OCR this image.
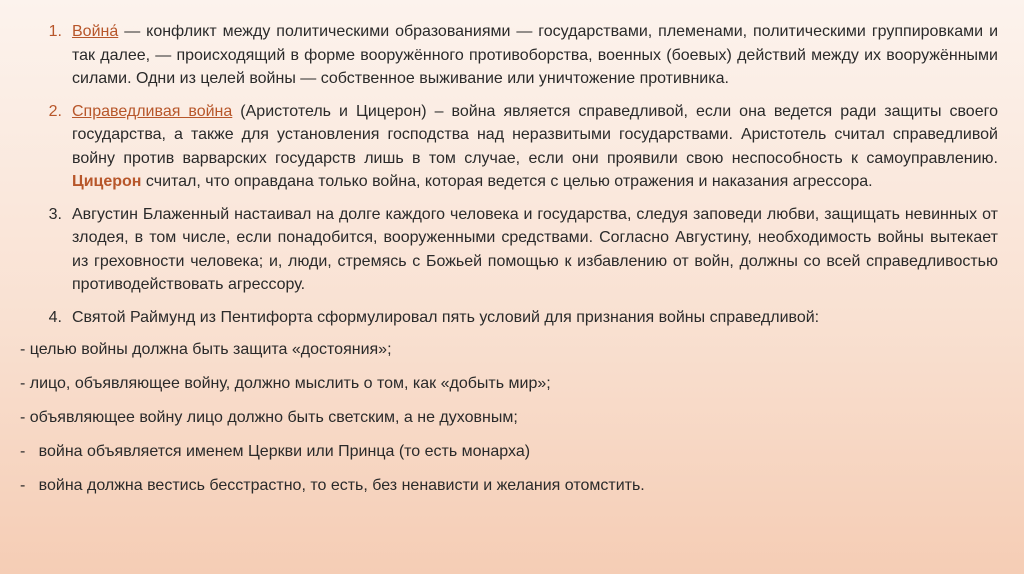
1. Война́ — конфликт между политическими образованиями — государствами, племенами, политическими группировками и так далее, — происходящий в форме вооружённого противоборства, военных (боевых) действий между их вооружёнными силами. Одни из целей войны — собственное выживание или уничтожение противника.
2. Справедливая война (Аристотель и Цицерон) – война является справедливой, если она ведется ради защиты своего государства, а также для установления господства над неразвитыми государствами. Аристотель считал справедливой войну против варварских государств лишь в том случае, если они проявили свою неспособность к самоуправлению. Цицерон считал, что оправдана только война, которая ведется с целью отражения и наказания агрессора.
3. Августин Блаженный настаивал на долге каждого человека и государства, следуя заповеди любви, защищать невинных от злодея, в том числе, если понадобится, вооруженными средствами. Согласно Августину, необходимость войны вытекает из греховности человека; и, люди, стремясь с Божьей помощью к избавлению от войн, должны со всей справедливостью противодействовать агрессору.
4. Святой Раймунд из Пентифорта сформулировал пять условий для признания войны справедливой:
- целью войны должна быть защита «достояния»;
- лицо, объявляющее войну, должно мыслить о том, как «добыть мир»;
- объявляющее войну лицо должно быть светским, а не духовным;
-   война объявляется именем Церкви или Принца (то есть монарха)
-   война должна вестись бесстрастно, то есть, без ненависти и желания отомстить.
